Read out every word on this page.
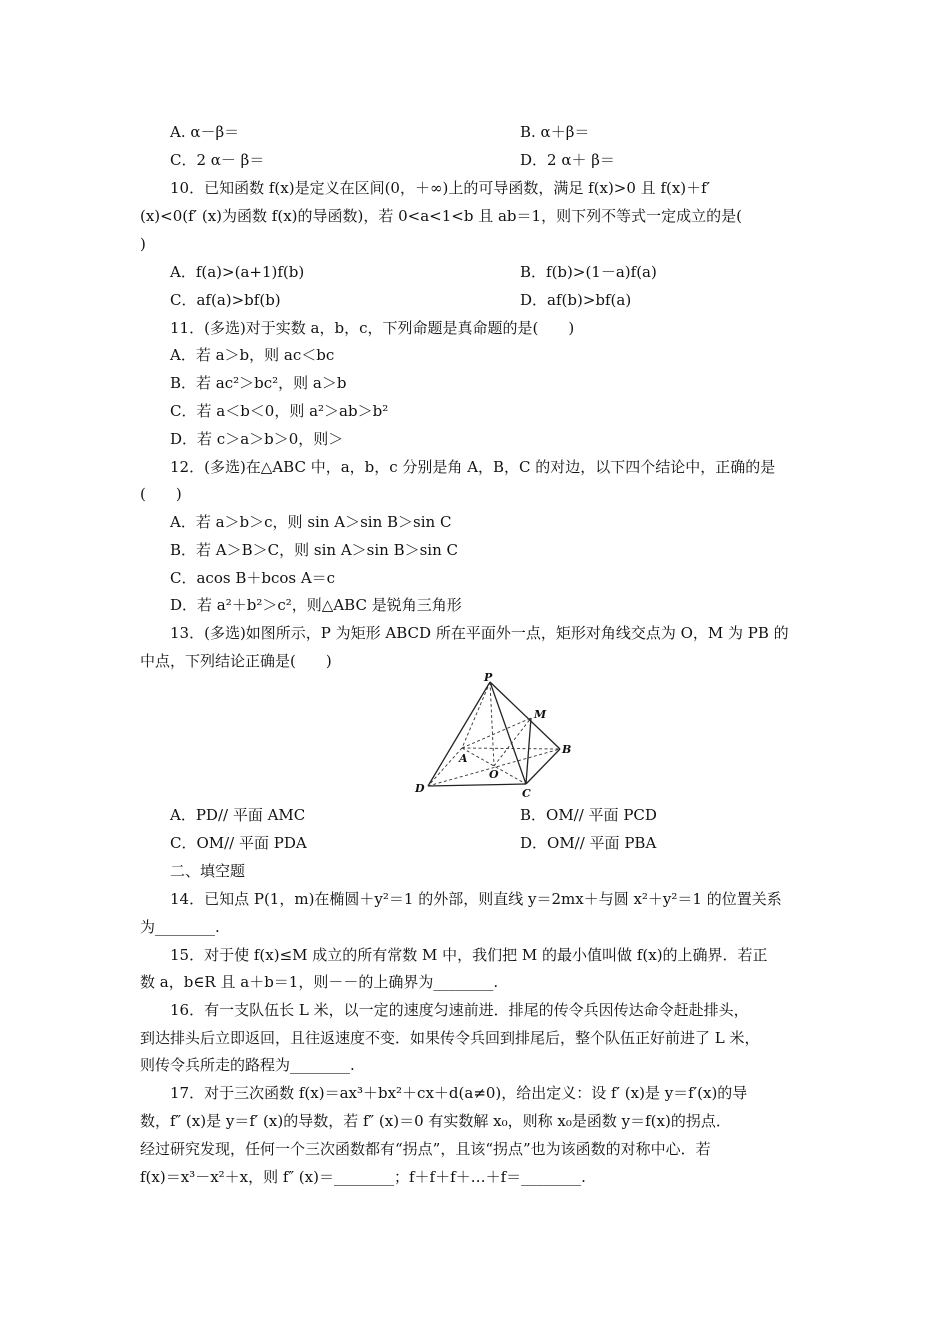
A. α－β＝	B. α＋β＝
C．2 α－ β＝	D．2 α＋ β＝
10．已知函数 f(x)是定义在区间(0，＋∞)上的可导函数，满足 f(x)>0 且 f(x)＋f′
(x)<0(f′ (x)为函数 f(x)的导函数)，若 0<a<1<b 且 ab＝1，则下列不等式一定成立的是(
)
A．f(a)>(a+1)f(b)	B．f(b)>(1－a)f(a)
C．af(a)>bf(b)	D．af(b)>bf(a)
11．(多选)对于实数 a，b，c，下列命题是真命题的是(　　)
A．若 a＞b，则 ac＜bc
B．若 ac²＞bc²，则 a＞b
C．若 a＜b＜0，则 a²＞ab＞b²
D．若 c＞a＞b＞0，则＞
12．(多选)在△ABC 中，a，b，c 分别是角 A，B，C 的对边，以下四个结论中，正确的是
(　　)
A．若 a＞b＞c，则 sin A＞sin B＞sin C
B．若 A＞B＞C，则 sin A＞sin B＞sin C
C．acos B＋bcos A＝c
D．若 a²＋b²＞c²，则△ABC 是锐角三角形
13．(多选)如图所示，P 为矩形 ABCD 所在平面外一点，矩形对角线交点为 O，M 为 PB 的
中点，下列结论正确是(　　)
P
M
A
B
O
D	C
A．PD// 平面 AMC	B．OM// 平面 PCD
C．OM// 平面 PDA	D．OM// 平面 PBA
二、填空题
14．已知点 P(1，m)在椭圆＋y²＝1 的外部，则直线 y＝2mx＋与圆 x²＋y²＝1 的位置关系
为________.
15．对于使 f(x)≤M 成立的所有常数 M 中，我们把 M 的最小值叫做 f(x)的上确界．若正
数 a，b∈R 且 a＋b＝1，则－－的上确界为________.
16．有一支队伍长 L 米，以一定的速度匀速前进．排尾的传令兵因传达命令赶赴排头，
到达排头后立即返回，且往返速度不变．如果传令兵回到排尾后，整个队伍正好前进了 L 米，
则传令兵所走的路程为________.
17．对于三次函数 f(x)＝ax³＋bx²＋cx＋d(a≠0)，给出定义：设 f′ (x)是 y＝f′(x)的导
数，f″ (x)是 y＝f′ (x)的导数，若 f″ (x)＝0 有实数解 x₀，则称 x₀是函数 y＝f(x)的拐点．
经过研究发现，任何一个三次函数都有“拐点”，且该“拐点”也为该函数的对称中心．若
f(x)＝x³－x²＋x，则 f″ (x)＝________；f＋f＋f＋…＋f＝________.
